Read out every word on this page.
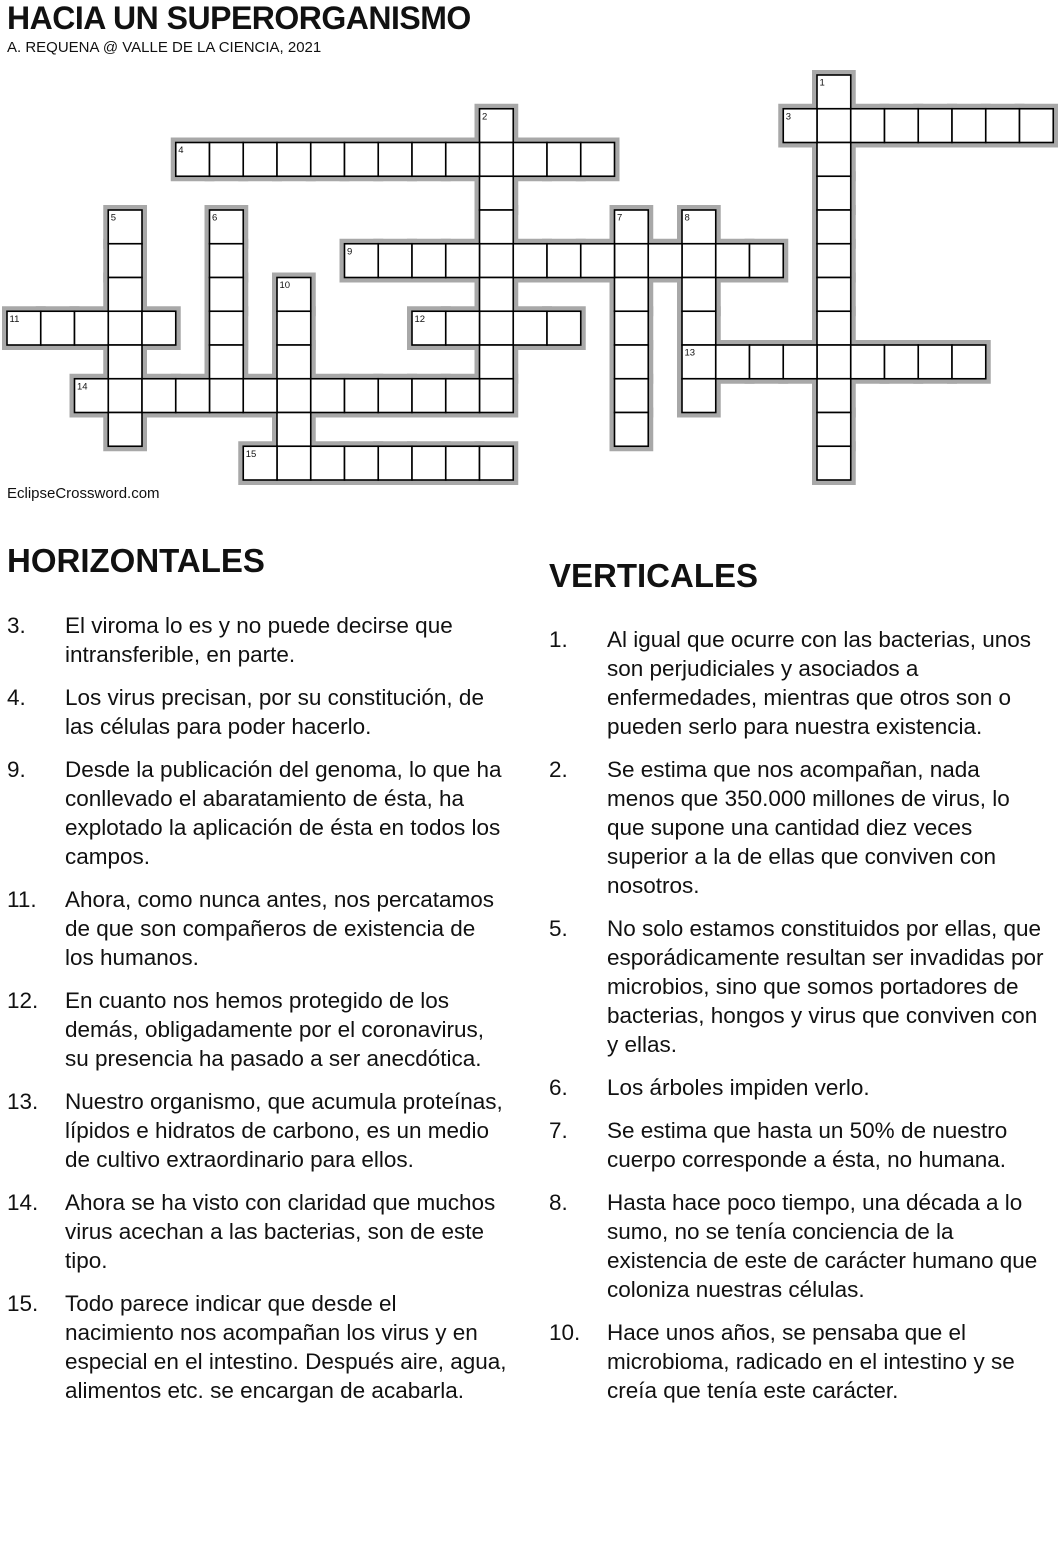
HACIA UN SUPERORGANISMO
A. REQUENA @ VALLE DE LA CIENCIA, 2021
1
2	3
4
5	6	7	8
9
10
11	12
13
14
15
EclipseCrossword.com
HORIZONTALES
3.	El viroma lo es y no puede decirse que intransferible, en parte.
4.	Los virus precisan, por su constitución, de las células para poder hacerlo.
9.	Desde la publicación del genoma, lo que ha conllevado el abaratamiento de ésta, ha explotado la aplicación de ésta en todos los campos.
11.	Ahora, como nunca antes, nos percatamos de que son compañeros de existencia de los humanos.
12.	En cuanto nos hemos protegido de los demás, obligadamente por el coronavirus, su presencia ha pasado a ser anecdótica.
13.	Nuestro organismo, que acumula proteínas, lípidos e hidratos de carbono, es un medio de cultivo extraordinario para ellos.
14.	Ahora se ha visto con claridad que muchos virus acechan a las bacterias, son de este tipo.
15.	Todo parece indicar que desde el nacimiento nos acompañan los virus y en especial en el intestino. Después aire, agua, alimentos etc. se encargan de acabarla.
VERTICALES
1.	Al igual que ocurre con las bacterias, unos son perjudiciales y asociados a enfermedades, mientras que otros son o pueden serlo para nuestra existencia.
2.	Se estima que nos acompañan, nada menos que 350.000 millones de virus, lo que supone una cantidad diez veces superior a la de ellas que conviven con nosotros.
5.	No solo estamos constituidos por ellas, que esporádicamente resultan ser invadidas por microbios, sino que somos portadores de bacterias, hongos y virus que conviven con y ellas.
6.	Los árboles impiden verlo.
7.	Se estima que hasta un 50% de nuestro cuerpo corresponde a ésta, no humana.
8.	Hasta hace poco tiempo, una década a lo sumo, no se tenía conciencia de la existencia de este de carácter humano que coloniza nuestras células.
10.	Hace unos años, se pensaba que el microbioma, radicado en el intestino y se creía que tenía este carácter.
